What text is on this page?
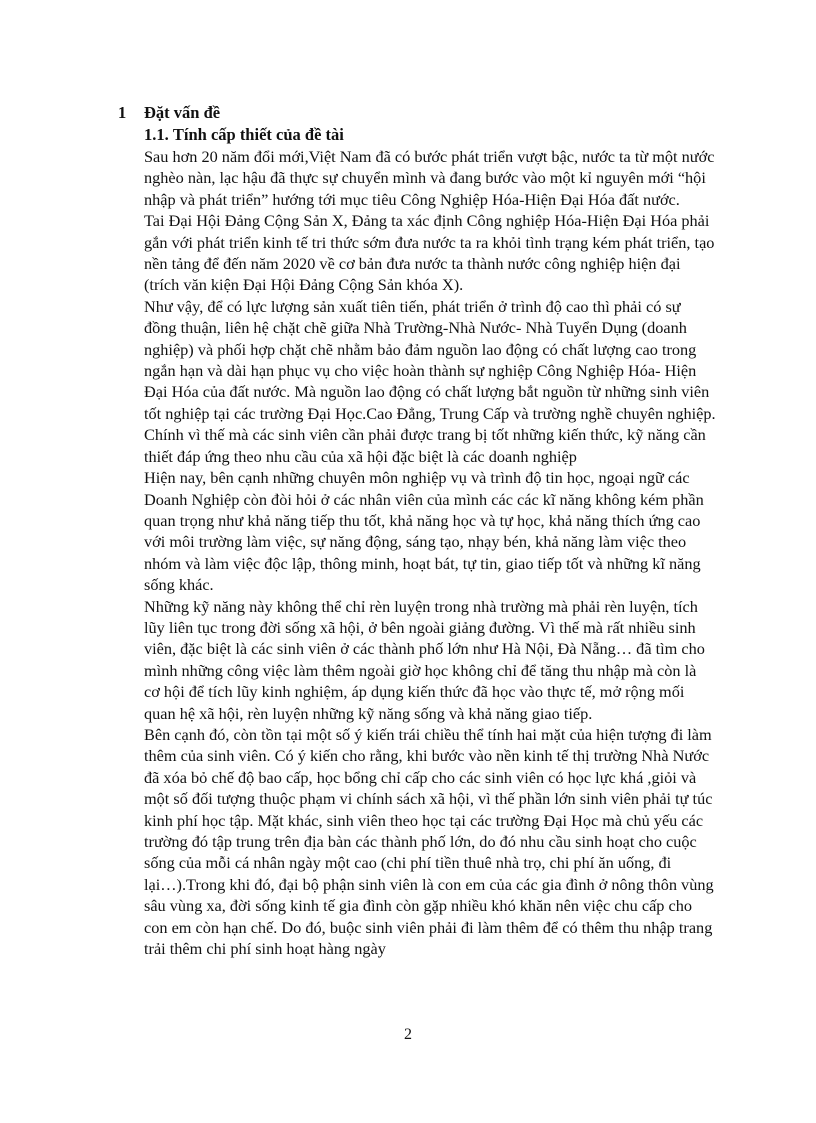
1 Đặt vấn đề
1.1. Tính cấp thiết của đề tài

Sau hơn 20 năm đổi mới,Việt Nam đã có bước phát triển vượt bậc, nước ta từ một nước nghèo nàn, lạc hậu đã thực sự chuyển mình và đang bước vào một kỉ nguyên mới “hội nhập và phát triển” hướng tới mục tiêu Công Nghiệp Hóa-Hiện Đại Hóa đất nước.

Tai Đại Hội Đảng Cộng Sản X, Đảng ta xác định Công nghiệp Hóa-Hiện Đại Hóa phải gắn với phát triển kinh tế tri thức sớm đưa nước ta ra khỏi tình trạng kém phát triển, tạo nền tảng để đến năm 2020 về cơ bản đưa nước ta thành nước công nghiệp hiện đại (trích văn kiện Đại Hội Đảng Cộng Sản khóa X).

Như vậy, để có lực lượng sản xuất tiên tiến, phát triển ở trình độ cao thì phải có sự đồng thuận, liên hệ chặt chẽ giữa Nhà Trường-Nhà Nước- Nhà Tuyển Dụng (doanh nghiệp) và phối hợp chặt chẽ nhằm bảo đảm nguồn lao động có chất lượng cao trong ngắn hạn và dài hạn phục vụ cho việc hoàn thành sự nghiệp Công Nghiệp Hóa- Hiện Đại Hóa của đất nước. Mà nguồn lao động có chất lượng bắt nguồn từ những sinh viên tốt nghiệp tại các trường Đại Học.Cao Đẳng, Trung Cấp và trường nghề chuyên nghiệp. Chính vì thế mà các sinh viên cần phải được trang bị tốt những kiến thức, kỹ năng cần thiết đáp ứng theo nhu cầu của xã hội đặc biệt là các doanh nghiệp

Hiện nay, bên cạnh những chuyên môn nghiệp vụ và trình độ tin học, ngoại ngữ các Doanh Nghiệp còn đòi hỏi ở các nhân viên của mình các các kĩ năng không kém phần quan trọng như khả năng tiếp thu tốt, khả năng học và tự học, khả năng thích ứng cao với môi trường làm việc, sự năng động, sáng tạo, nhạy bén, khả năng làm việc theo nhóm và làm việc độc lập, thông minh, hoạt bát, tự tin, giao tiếp tốt và những kĩ năng sống khác.

Những kỹ năng này không thể chỉ rèn luyện trong nhà trường mà phải rèn luyện, tích lũy liên tục trong đời sống xã hội, ở bên ngoài giảng đường. Vì thế mà rất nhiều sinh viên, đặc biệt là các sinh viên ở các thành phố lớn như Hà Nội, Đà Nẵng… đã tìm cho mình những công việc làm thêm ngoài giờ học không chỉ để tăng thu nhập mà còn là cơ hội để tích lũy kinh nghiệm, áp dụng kiến thức đã học vào thực tế, mở rộng mối quan hệ xã hội, rèn luyện những kỹ năng sống và khả năng giao tiếp.

Bên cạnh đó, còn tồn tại một số ý kiến trái chiều thể tính hai mặt của hiện tượng đi làm thêm của sinh viên. Có ý kiến cho rằng, khi bước vào nền kinh tế thị trường Nhà Nước đã xóa bỏ chế độ bao cấp, học bổng chỉ cấp cho các sinh viên có học lực khá ,giỏi và một số đối tượng thuộc phạm vi chính sách xã hội, vì thế phần lớn sinh viên phải tự túc kinh phí học tập. Mặt khác, sinh viên theo học tại các trường Đại Học mà chủ yếu các trường đó tập trung trên địa bàn các thành phố lớn, do đó nhu cầu sinh hoạt cho cuộc sống của mỗi cá nhân ngày một cao (chi phí tiền thuê nhà trọ, chi phí ăn uống, đi lại…).Trong khi đó, đại bộ phận sinh viên là con em của các gia đình ở nông thôn vùng sâu vùng xa, đời sống kinh tế gia đình còn gặp nhiều khó khăn nên việc chu cấp cho con em còn hạn chế. Do đó, buộc sinh viên phải đi làm thêm để có thêm thu nhập trang trải thêm chi phí sinh hoạt hàng ngày

2
